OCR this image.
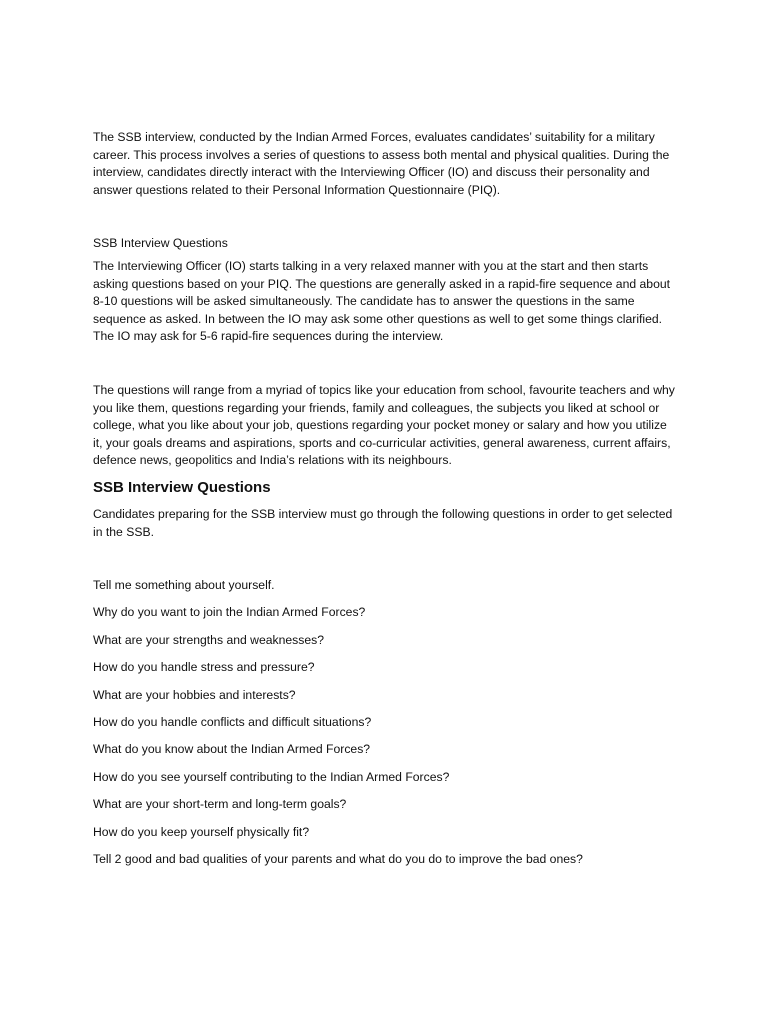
The SSB interview, conducted by the Indian Armed Forces, evaluates candidates’ suitability for a military career. This process involves a series of questions to assess both mental and physical qualities. During the interview, candidates directly interact with the Interviewing Officer (IO) and discuss their personality and answer questions related to their Personal Information Questionnaire (PIQ).

SSB Interview Questions

The Interviewing Officer (IO) starts talking in a very relaxed manner with you at the start and then starts asking questions based on your PIQ. The questions are generally asked in a rapid-fire sequence and about 8-10 questions will be asked simultaneously. The candidate has to answer the questions in the same sequence as asked. In between the IO may ask some other questions as well to get some things clarified. The IO may ask for 5-6 rapid-fire sequences during the interview.

The questions will range from a myriad of topics like your education from school, favourite teachers and why you like them, questions regarding your friends, family and colleagues, the subjects you liked at school or college, what you like about your job, questions regarding your pocket money or salary and how you utilize it, your goals dreams and aspirations, sports and co-curricular activities, general awareness, current affairs, defence news, geopolitics and India’s relations with its neighbours.

SSB Interview Questions

Candidates preparing for the SSB interview must go through the following questions in order to get selected in the SSB.

Tell me something about yourself.
Why do you want to join the Indian Armed Forces?
What are your strengths and weaknesses?
How do you handle stress and pressure?
What are your hobbies and interests?
How do you handle conflicts and difficult situations?
What do you know about the Indian Armed Forces?
How do you see yourself contributing to the Indian Armed Forces?
What are your short-term and long-term goals?
How do you keep yourself physically fit?
Tell 2 good and bad qualities of your parents and what do you do to improve the bad ones?
